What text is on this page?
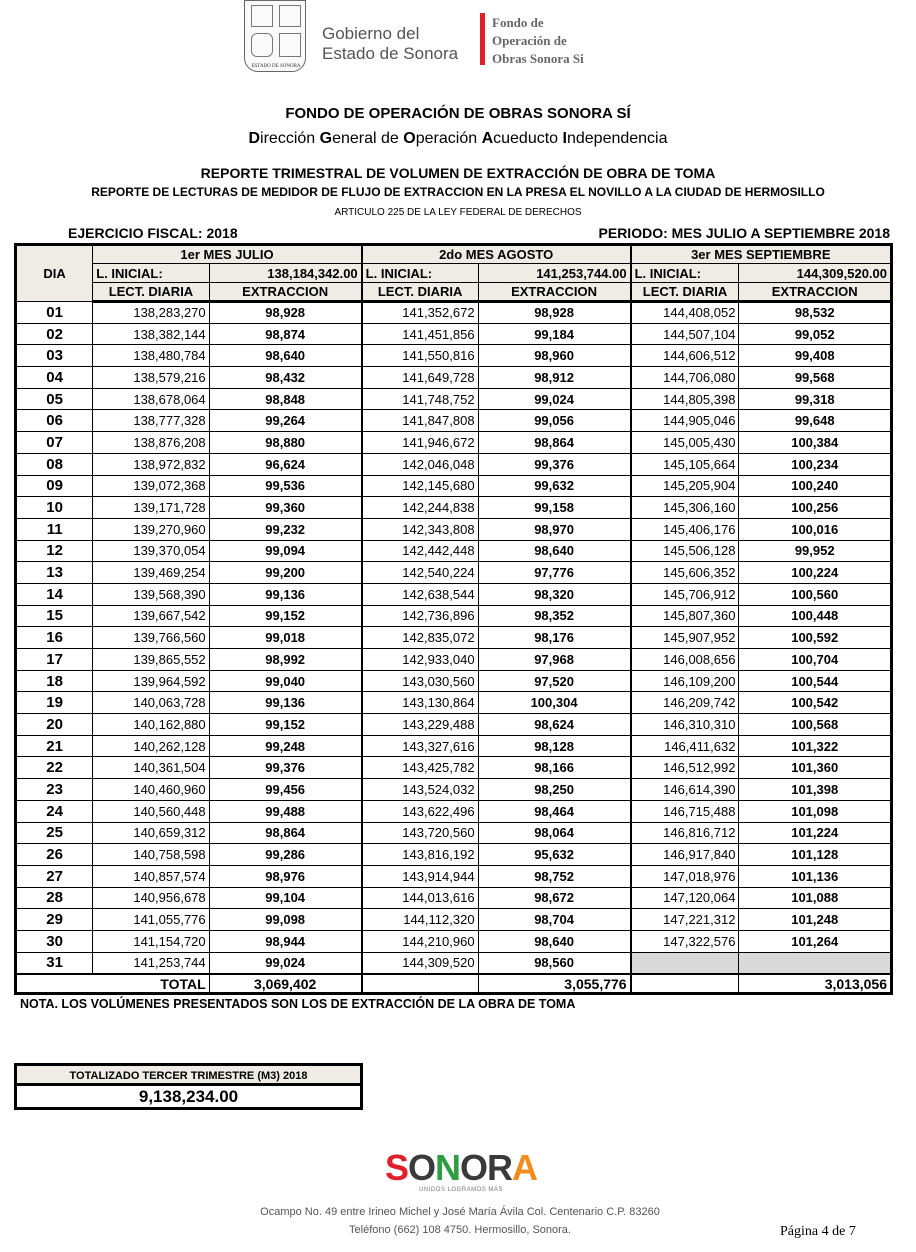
ESTADO DE SONORA
Gobierno del
Estado de Sonora
Fondo de
Operación de
Obras Sonora Si
FONDO DE OPERACIÓN DE OBRAS SONORA SÍ
Dirección General de Operación Acueducto Independencia
REPORTE TRIMESTRAL DE VOLUMEN DE EXTRACCIÓN DE OBRA DE TOMA
REPORTE DE LECTURAS DE MEDIDOR DE FLUJO DE EXTRACCION EN LA PRESA EL NOVILLO A LA CIUDAD DE HERMOSILLO
ARTICULO 225 DE LA LEY FEDERAL DE DERECHOS
EJERCICIO FISCAL: 2018	PERIODO: MES JULIO A SEPTIEMBRE 2018
DIA	1er MES JULIO		2do MES AGOSTO		3er MES SEPTIEMBRE	
	L. INICIAL:	138,184,342.00	L. INICIAL:	141,253,744.00	L. INICIAL:	144,309,520.00
	LECT. DIARIA	EXTRACCION	LECT. DIARIA	EXTRACCION	LECT. DIARIA	EXTRACCION
01	138,283,270	98,928	141,352,672	98,928	144,408,052	98,532
02	138,382,144	98,874	141,451,856	99,184	144,507,104	99,052
03	138,480,784	98,640	141,550,816	98,960	144,606,512	99,408
04	138,579,216	98,432	141,649,728	98,912	144,706,080	99,568
05	138,678,064	98,848	141,748,752	99,024	144,805,398	99,318
06	138,777,328	99,264	141,847,808	99,056	144,905,046	99,648
07	138,876,208	98,880	141,946,672	98,864	145,005,430	100,384
08	138,972,832	96,624	142,046,048	99,376	145,105,664	100,234
09	139,072,368	99,536	142,145,680	99,632	145,205,904	100,240
10	139,171,728	99,360	142,244,838	99,158	145,306,160	100,256
11	139,270,960	99,232	142,343,808	98,970	145,406,176	100,016
12	139,370,054	99,094	142,442,448	98,640	145,506,128	99,952
13	139,469,254	99,200	142,540,224	97,776	145,606,352	100,224
14	139,568,390	99,136	142,638,544	98,320	145,706,912	100,560
15	139,667,542	99,152	142,736,896	98,352	145,807,360	100,448
16	139,766,560	99,018	142,835,072	98,176	145,907,952	100,592
17	139,865,552	98,992	142,933,040	97,968	146,008,656	100,704
18	139,964,592	99,040	143,030,560	97,520	146,109,200	100,544
19	140,063,728	99,136	143,130,864	100,304	146,209,742	100,542
20	140,162,880	99,152	143,229,488	98,624	146,310,310	100,568
21	140,262,128	99,248	143,327,616	98,128	146,411,632	101,322
22	140,361,504	99,376	143,425,782	98,166	146,512,992	101,360
23	140,460,960	99,456	143,524,032	98,250	146,614,390	101,398
24	140,560,448	99,488	143,622,496	98,464	146,715,488	101,098
25	140,659,312	98,864	143,720,560	98,064	146,816,712	101,224
26	140,758,598	99,286	143,816,192	95,632	146,917,840	101,128
27	140,857,574	98,976	143,914,944	98,752	147,018,976	101,136
28	140,956,678	99,104	144,013,616	98,672	147,120,064	101,088
29	141,055,776	99,098	144,112,320	98,704	147,221,312	101,248
30	141,154,720	98,944	144,210,960	98,640	147,322,576	101,264
31	141,253,744	99,024	144,309,520	98,560		
TOTAL		3,069,402		3,055,776		3,013,056
NOTA. LOS VOLÚMENES PRESENTADOS SON LOS DE EXTRACCIÓN DE LA OBRA DE TOMA
TOTALIZADO TERCER TRIMESTRE (M3) 2018
9,138,234.00
SONORA
UNIDOS LOGRAMOS MÁS
Ocampo No. 49 entre Irineo Michel y José María Ávila Col. Centenario C.P. 83260
Teléfono (662) 108 4750. Hermosillo, Sonora.	Página 4 de 7
